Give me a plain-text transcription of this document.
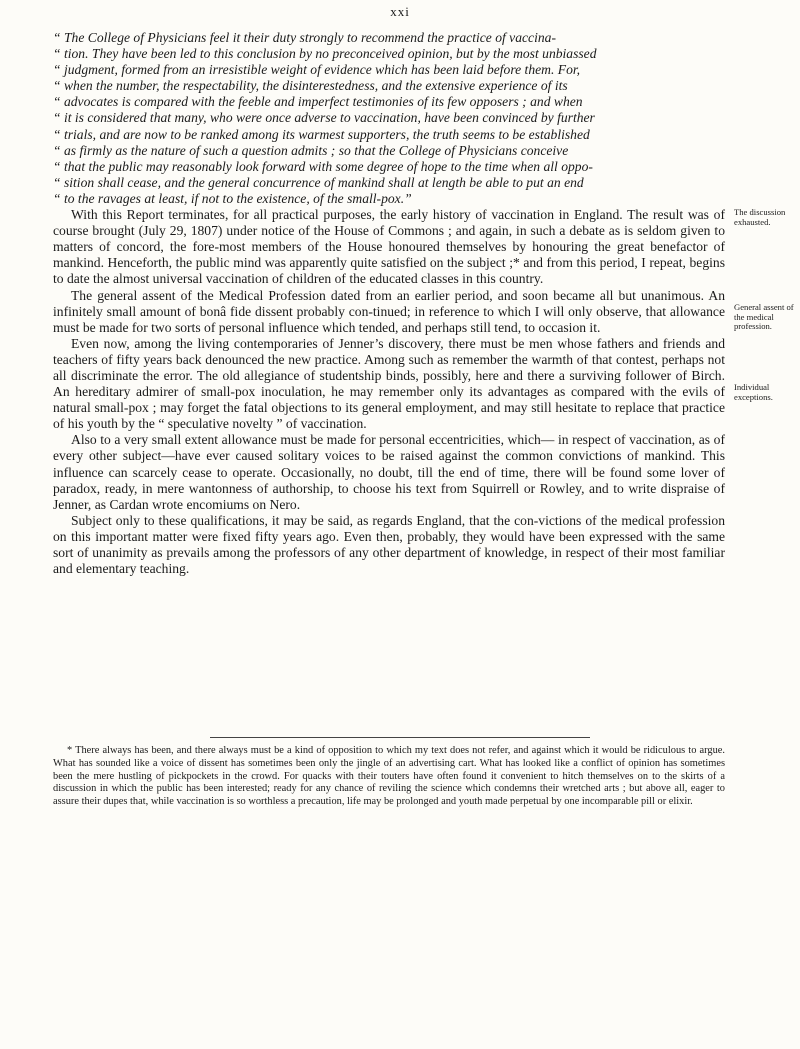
xxi

“ The College of Physicians feel it their duty strongly to recommend the practice of vaccina-

“ tion. They have been led to this conclusion by no preconceived opinion, but by the most unbiassed

“ judgment, formed from an irresistible weight of evidence which has been laid before them. For,

“ when the number, the respectability, the disinterestedness, and the extensive experience of its

“ advocates is compared with the feeble and imperfect testimonies of its few opposers ; and when

“ it is considered that many, who were once adverse to vaccination, have been convinced by further

“ trials, and are now to be ranked among its warmest supporters, the truth seems to be established

“ as firmly as the nature of such a question admits ; so that the College of Physicians conceive

“ that the public may reasonably look forward with some degree of hope to the time when all oppo-

“ sition shall cease, and the general concurrence of mankind shall at length be able to put an end

“ to the ravages at least, if not to the existence, of the small-pox.”

With this Report terminates, for all practical purposes, the early history of vaccination in England. The result was of course brought (July 29, 1807) under notice of the House of Commons ; and again, in such a debate as is seldom given to matters of concord, the fore-most members of the House honoured themselves by honouring the great benefactor of mankind. Henceforth, the public mind was apparently quite satisfied on the subject ;* and from this period, I repeat, begins to date the almost universal vaccination of children of the educated classes in this country.

The general assent of the Medical Profession dated from an earlier period, and soon became all but unanimous. An infinitely small amount of bonâ fide dissent probably con-tinued; in reference to which I will only observe, that allowance must be made for two sorts of personal influence which tended, and perhaps still tend, to occasion it.

Even now, among the living contemporaries of Jenner’s discovery, there must be men whose fathers and friends and teachers of fifty years back denounced the new practice. Among such as remember the warmth of that contest, perhaps not all discriminate the error. The old allegiance of studentship binds, possibly, here and there a surviving follower of Birch. An hereditary admirer of small-pox inoculation, he may remember only its advantages as compared with the evils of natural small-pox ; may forget the fatal objections to its general employment, and may still hesitate to replace that practice of his youth by the “ speculative novelty ” of vaccination.

Also to a very small extent allowance must be made for personal eccentricities, which— in respect of vaccination, as of every other subject—have ever caused solitary voices to be raised against the common convictions of mankind. This influence can scarcely cease to operate. Occasionally, no doubt, till the end of time, there will be found some lover of paradox, ready, in mere wantonness of authorship, to choose his text from Squirrell or Rowley, and to write dispraise of Jenner, as Cardan wrote encomiums on Nero.

Subject only to these qualifications, it may be said, as regards England, that the con-victions of the medical profession on this important matter were fixed fifty years ago. Even then, probably, they would have been expressed with the same sort of unanimity as prevails among the professors of any other department of knowledge, in respect of their most familiar and elementary teaching.

The discussion exhausted.
General assent of the medical profession.
Individual exceptions.

* There always has been, and there always must be a kind of opposition to which my text does not refer, and against which it would be ridiculous to argue. What has sounded like a voice of dissent has sometimes been only the jingle of an advertising cart. What has looked like a conflict of opinion has sometimes been the mere hustling of pickpockets in the crowd. For quacks with their touters have often found it convenient to hitch themselves on to the skirts of a discussion in which the public has been interested; ready for any chance of reviling the science which condemns their wretched arts ; but above all, eager to assure their dupes that, while vaccination is so worthless a precaution, life may be prolonged and youth made perpetual by one incomparable pill or elixir.
